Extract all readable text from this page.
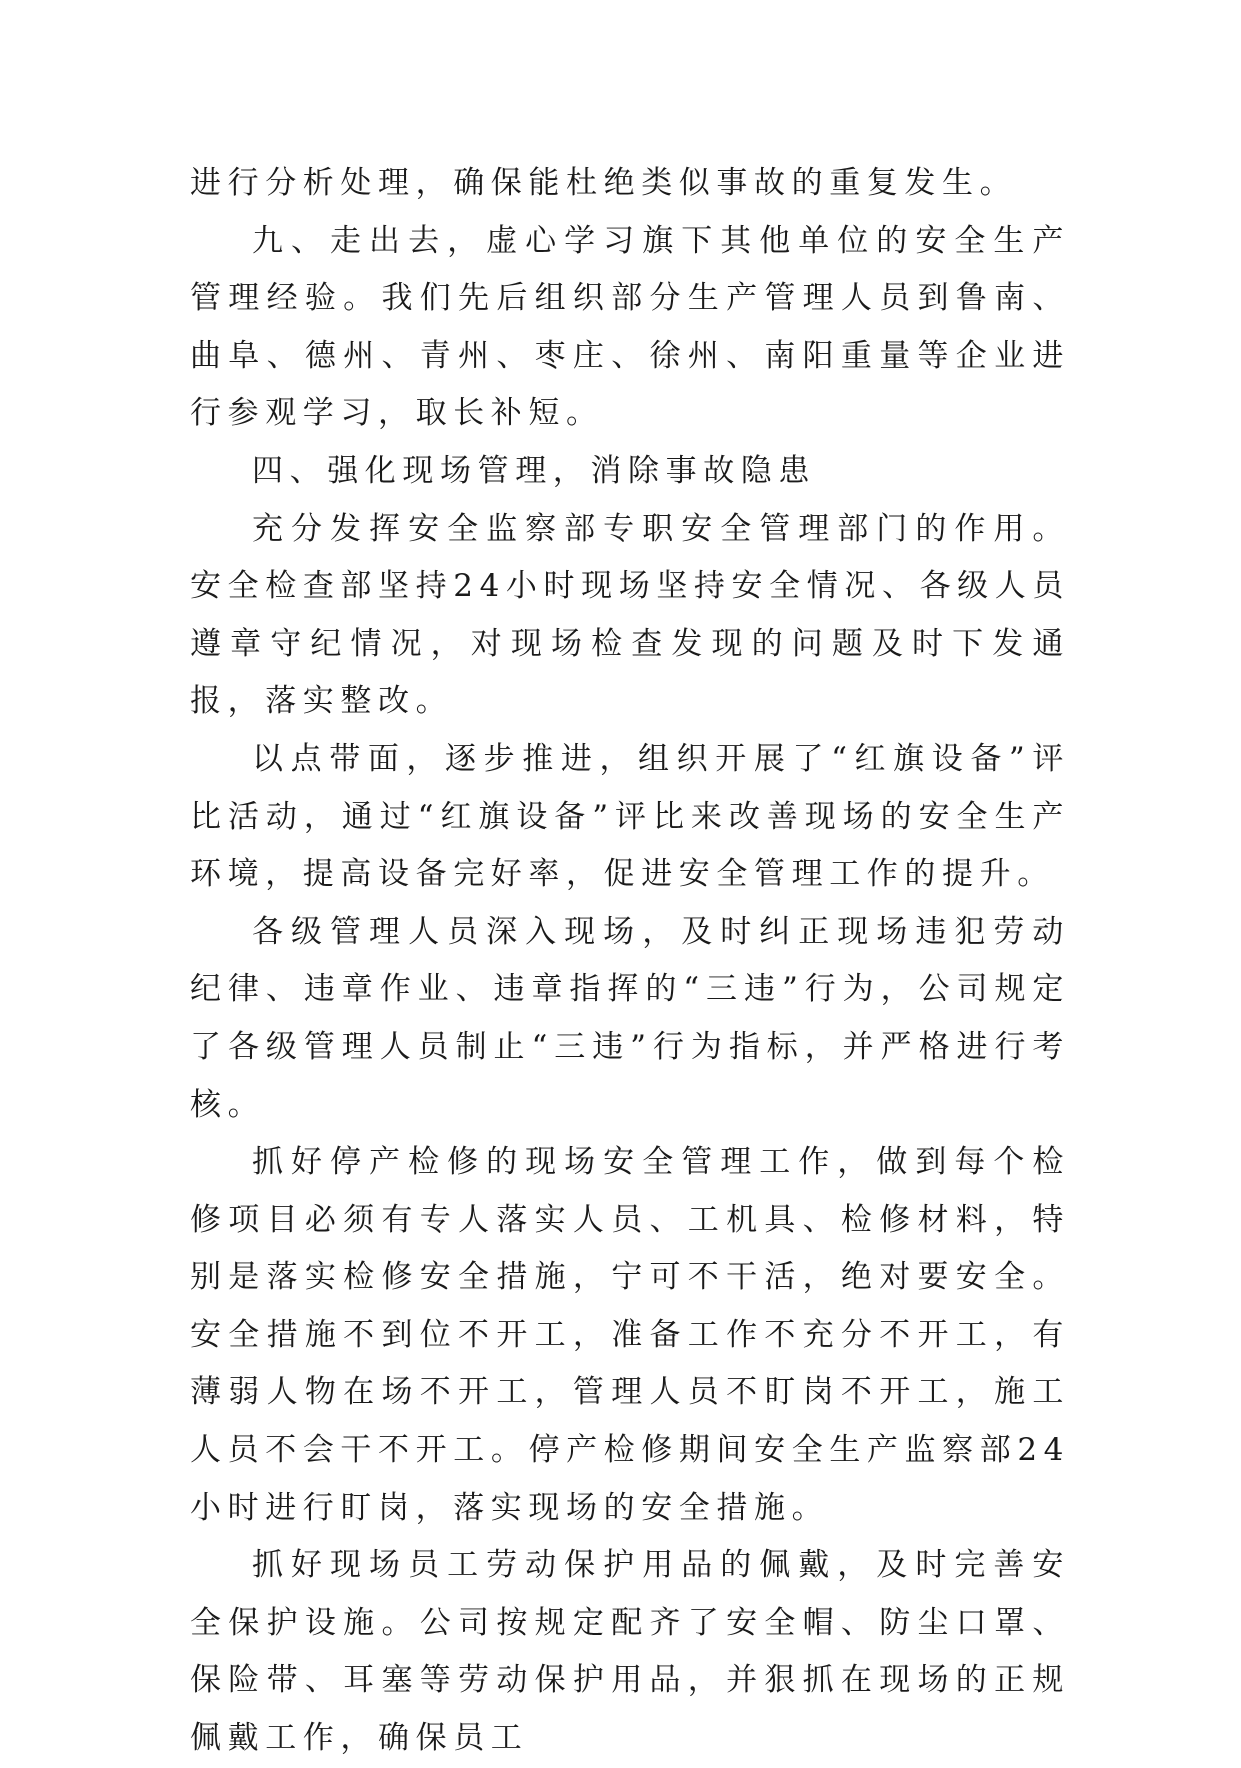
进行分析处理，确保能杜绝类似事故的重复发生。

九、走出去，虚心学习旗下其他单位的安全生产管理经验。我们先后组织部分生产管理人员到鲁南、曲阜、德州、青州、枣庄、徐州、南阳重量等企业进行参观学习，取长补短。

四、强化现场管理，消除事故隐患

充分发挥安全监察部专职安全管理部门的作用。安全检查部坚持24小时现场坚持安全情况、各级人员遵章守纪情况，对现场检查发现的问题及时下发通报，落实整改。

以点带面，逐步推进，组织开展了“红旗设备”评比活动，通过“红旗设备”评比来改善现场的安全生产环境，提高设备完好率，促进安全管理工作的提升。

各级管理人员深入现场，及时纠正现场违犯劳动纪律、违章作业、违章指挥的“三违”行为，公司规定了各级管理人员制止“三违”行为指标，并严格进行考核。

抓好停产检修的现场安全管理工作，做到每个检修项目必须有专人落实人员、工机具、检修材料，特别是落实检修安全措施，宁可不干活，绝对要安全。安全措施不到位不开工，准备工作不充分不开工，有薄弱人物在场不开工，管理人员不盯岗不开工，施工人员不会干不开工。停产检修期间安全生产监察部24小时进行盯岗，落实现场的安全措施。

抓好现场员工劳动保护用品的佩戴，及时完善安全保护设施。公司按规定配齐了安全帽、防尘口罩、保险带、耳塞等劳动保护用品，并狠抓在现场的正规佩戴工作，确保员工
